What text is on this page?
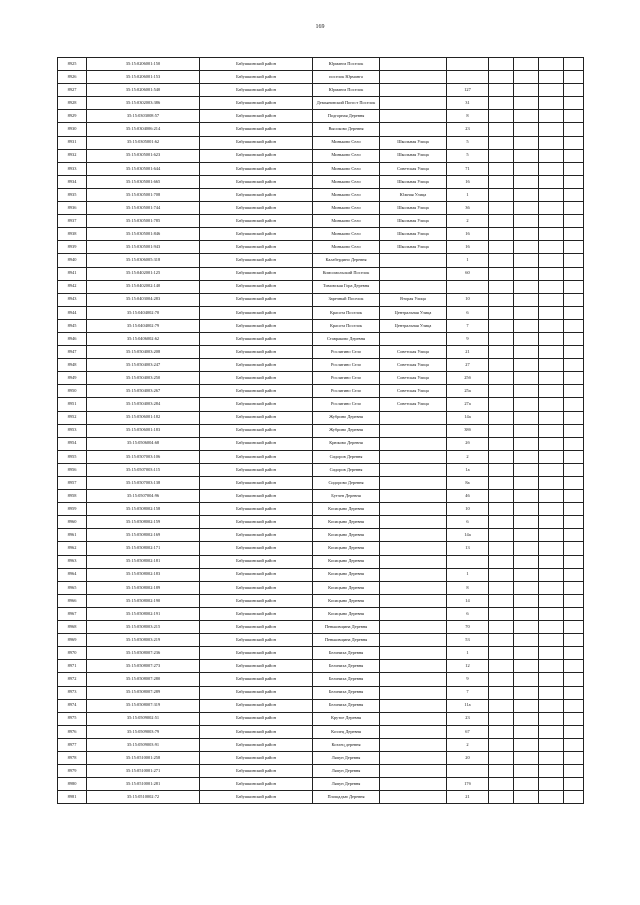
169
8925	35:15:0206001:150	Бабушкинский район	Юрманга Поселок						
8926	35:15:0206001:153	Бабушкинский район	поселок Юрманга						
8927	35:15:0206001:540	Бабушкинский район	Юрманга Поселок		127				
8928	35:15:0302003:386	Бабушкинский район	Демьяновский Погост Поселок		31				
8929	35:15:0303008:57	Бабушкинский район	Подгорная Деревня		8				
8930	35:15:0304006:214	Бабушкинский район	Высоково Деревня		23				
8931	35:15:0305001:62	Бабушкинский район	Миньково Село	Школьная Улица	5				
8932	35:15:0305001:623	Бабушкинский район	Миньково Село	Школьная Улица	5				
8933	35:15:0305001:644	Бабушкинский район	Миньково Село	Советская Улица	71				
8934	35:15:0305001:665	Бабушкинский район	Миньково Село	Школьная Улица	16				
8935	35:15:0305001:708	Бабушкинский район	Миньково Село	Южная Улица	1				
8936	35:15:0305001:744	Бабушкинский район	Миньково Село	Школьная Улица	36				
8937	35:15:0305001:785	Бабушкинский район	Миньково Село	Школьная Улица	2				
8938	35:15:0305001:846	Бабушкинский район	Миньково Село	Школьная Улица	16				
8939	35:15:0305001:943	Бабушкинский район	Миньково Село	Школьная Улица	16				
8940	35:15:0306005:318	Бабушкинский район	Калабердино Деревня		1				
8941	35:15:0402001:125	Бабушкинский район	Комсомольский Поселок		60				
8942	35:15:0402002:140	Бабушкинский район	Тимовская Гора Деревня						
8943	35:15:0403004:283	Бабушкинский район	Заречный Поселок	Вторая Улица	10				
8944	35:15:0404002:70	Бабушкинский район	Красота Поселок	Центральная Улица	6				
8945	35:15:0404002:79	Бабушкинский район	Красота Поселок	Центральная Улица	7				
8946	35:15:0406002:62	Бабушкинский район	Ставраково Деревня		9				
8947	35:15:0504003:208	Бабушкинский район	Рослятино Село	Советская Улица	21				
8948	35:15:0504003:247	Бабушкинский район	Рослятино Село	Советская Улица	27				
8949	35:15:0504003:250	Бабушкинский район	Рослятино Село	Советская Улица	25б				
8950	35:15:0504003:267	Бабушкинский район	Рослятино Село	Советская Улица	25а				
8951	35:15:0504003:284	Бабушкинский район	Рослятино Село	Советская Улица	27а				
8952	35:15:0506001:182	Бабушкинский район	Жубрино Деревня		14а				
8953	35:15:0506001:183	Бабушкинский район	Жубрино Деревня		38б				
8954	35:15:0506004:68	Бабушкинский район	Крюково Деревня		2б				
8955	35:15:0507003:106	Бабушкинский район	Сидоров Деревня		2				
8956	35:15:0507003:115	Бабушкинский район	Сидоров Деревня		1а				
8957	35:15:0507003:138	Бабушкинский район	Сидорово Деревня		8а				
8958	35:15:0507004:96	Бабушкинский район	Бутчев Деревня		46				
8959	35:15:0508002:158	Бабушкинский район	Косицыно Деревня		10				
8960	35:15:0508002:159	Бабушкинский район	Косицыно Деревня		6				
8961	35:15:0508002:169	Бабушкинский район	Косицыно Деревня		14а				
8962	35:15:0508002:171	Бабушкинский район	Косицыно Деревня		13				
8963	35:15:0508002:181	Бабушкинский район	Косицыно Деревня						
8964	35:15:0508002:183	Бабушкинский район	Косицыно Деревня		1				
8965	35:15:0508002:189	Бабушкинский район	Косицыно Деревня		8				
8966	35:15:0508002:190	Бабушкинский район	Косицыно Деревня		14				
8967	35:15:0508002:191	Бабушкинский район	Косицыно Деревня		6				
8968	35:15:0508003:215	Бабушкинский район	Пеньковщина Деревня		70				
8969	35:15:0508003:219	Бабушкинский район	Пеньковщина Деревня		53				
8970	35:15:0508007:236	Бабушкинский район	Беличиха Деревня		1				
8971	35:15:0508007:273	Бабушкинский район	Беличиха Деревня		12				
8972	35:15:0508007:280	Бабушкинский район	Беличиха Деревня		9				
8973	35:15:0508007:289	Бабушкинский район	Беличиха Деревня		7				
8974	35:15:0508007:319	Бабушкинский район	Беличиха Деревня		11а				
8975	35:15:0509002:51	Бабушкинский район	Крутое Деревня		23				
8976	35:15:0509003:79	Бабушкинский район	Козлец Деревня		67				
8977	35:15:0509003:91	Бабушкинский район	Козлец деревня		2				
8978	35:15:0510001:258	Бабушкинский район	Ляпун Деревня		20				
8979	35:15:0510001:271	Бабушкинский район	Ляпун Деревня						
8980	35:15:0510001:281	Бабушкинский район	Ляпун Деревня		17б				
8981	35:15:0510002:72	Бабушкинский район	Площадью Деревня		21				
